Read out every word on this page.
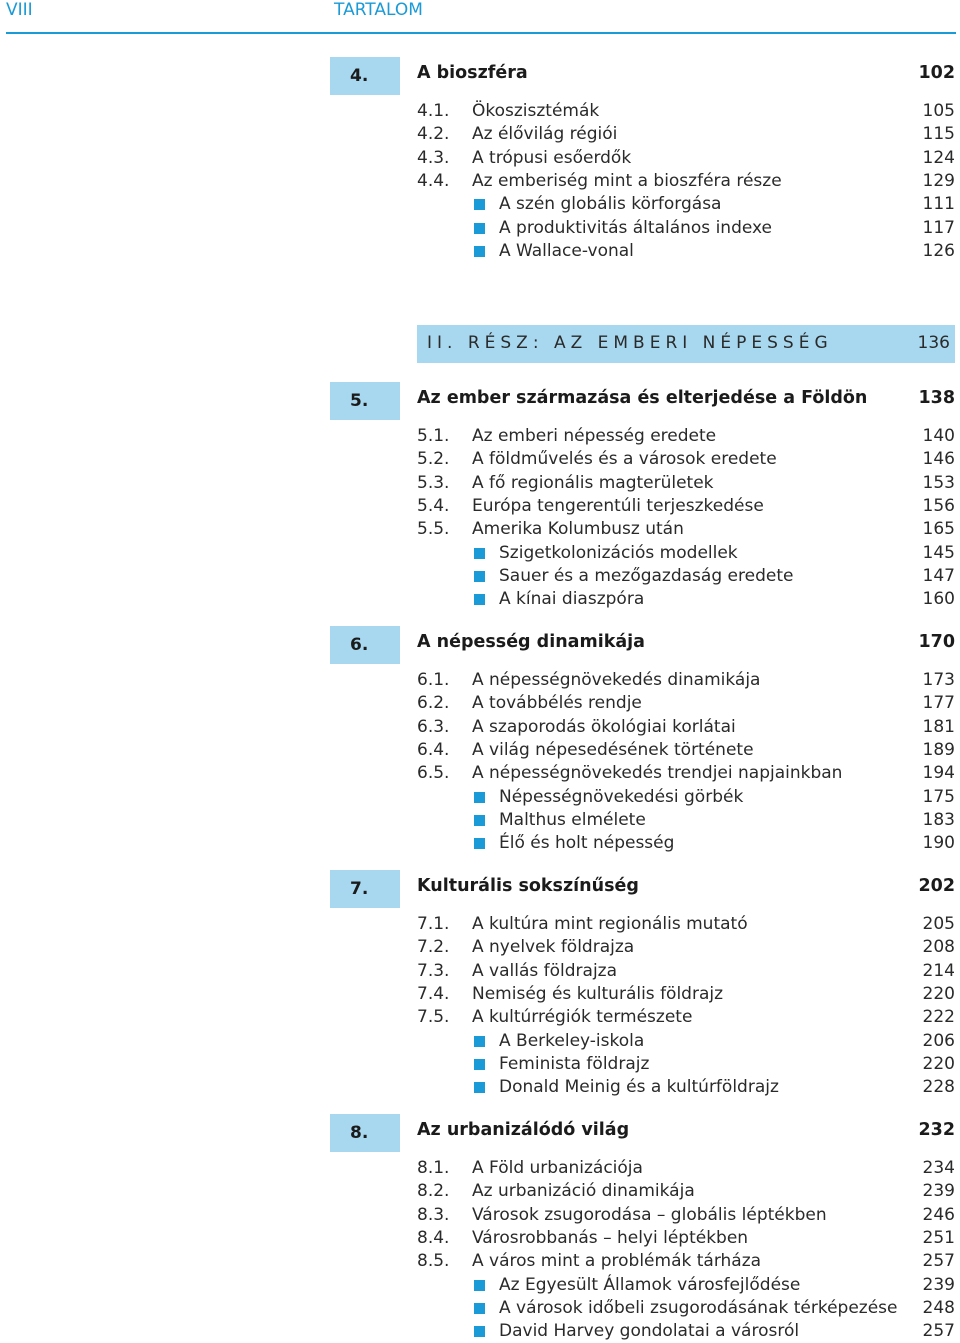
VIII	TARTALOM
II. RÉSZ: AZ EMBERI NÉPESSÉG	136
4.	A bioszféra	102
4.1. Ökoszisztémák	105
4.2. Az élővilág régiói	115
4.3. A trópusi esőerdők	124
4.4. Az emberiség mint a bioszféra része	129
A szén globális körforgása	111
A produktivitás általános indexe	117
A Wallace-vonal	126
5.	Az ember származása és elterjedése a Földön	138
5.1. Az emberi népesség eredete	140
5.2. A földművelés és a városok eredete	146
5.3. A fő regionális magterületek	153
5.4. Európa tengerentúli terjeszkedése	156
5.5. Amerika Kolumbusz után	165
Szigetkolonizációs modellek	145
Sauer és a mezőgazdaság eredete	147
A kínai diaszpóra	160
6.	A népesség dinamikája	170
6.1. A népességnövekedés dinamikája	173
6.2. A továbbélés rendje	177
6.3. A szaporodás ökológiai korlátai	181
6.4. A világ népesedésének története	189
6.5. A népességnövekedés trendjei napjainkban	194
Népességnövekedési görbék	175
Malthus elmélete	183
Élő és holt népesség	190
7.	Kulturális sokszínűség	202
7.1. A kultúra mint regionális mutató	205
7.2. A nyelvek földrajza	208
7.3. A vallás földrajza	214
7.4. Nemiség és kulturális földrajz	220
7.5. A kultúrrégiók természete	222
A Berkeley-iskola	206
Feminista földrajz	220
Donald Meinig és a kultúrföldrajz	228
8.	Az urbanizálódó világ	232
8.1. A Föld urbanizációja	234
8.2. Az urbanizáció dinamikája	239
8.3. Városok zsugorodása – globális léptékben	246
8.4. Városrobbanás – helyi léptékben	251
8.5. A város mint a problémák tárháza	257
Az Egyesült Államok városfejlődése	239
A városok időbeli zsugorodásának térképezése 248
David Harvey gondolatai a városról	257
